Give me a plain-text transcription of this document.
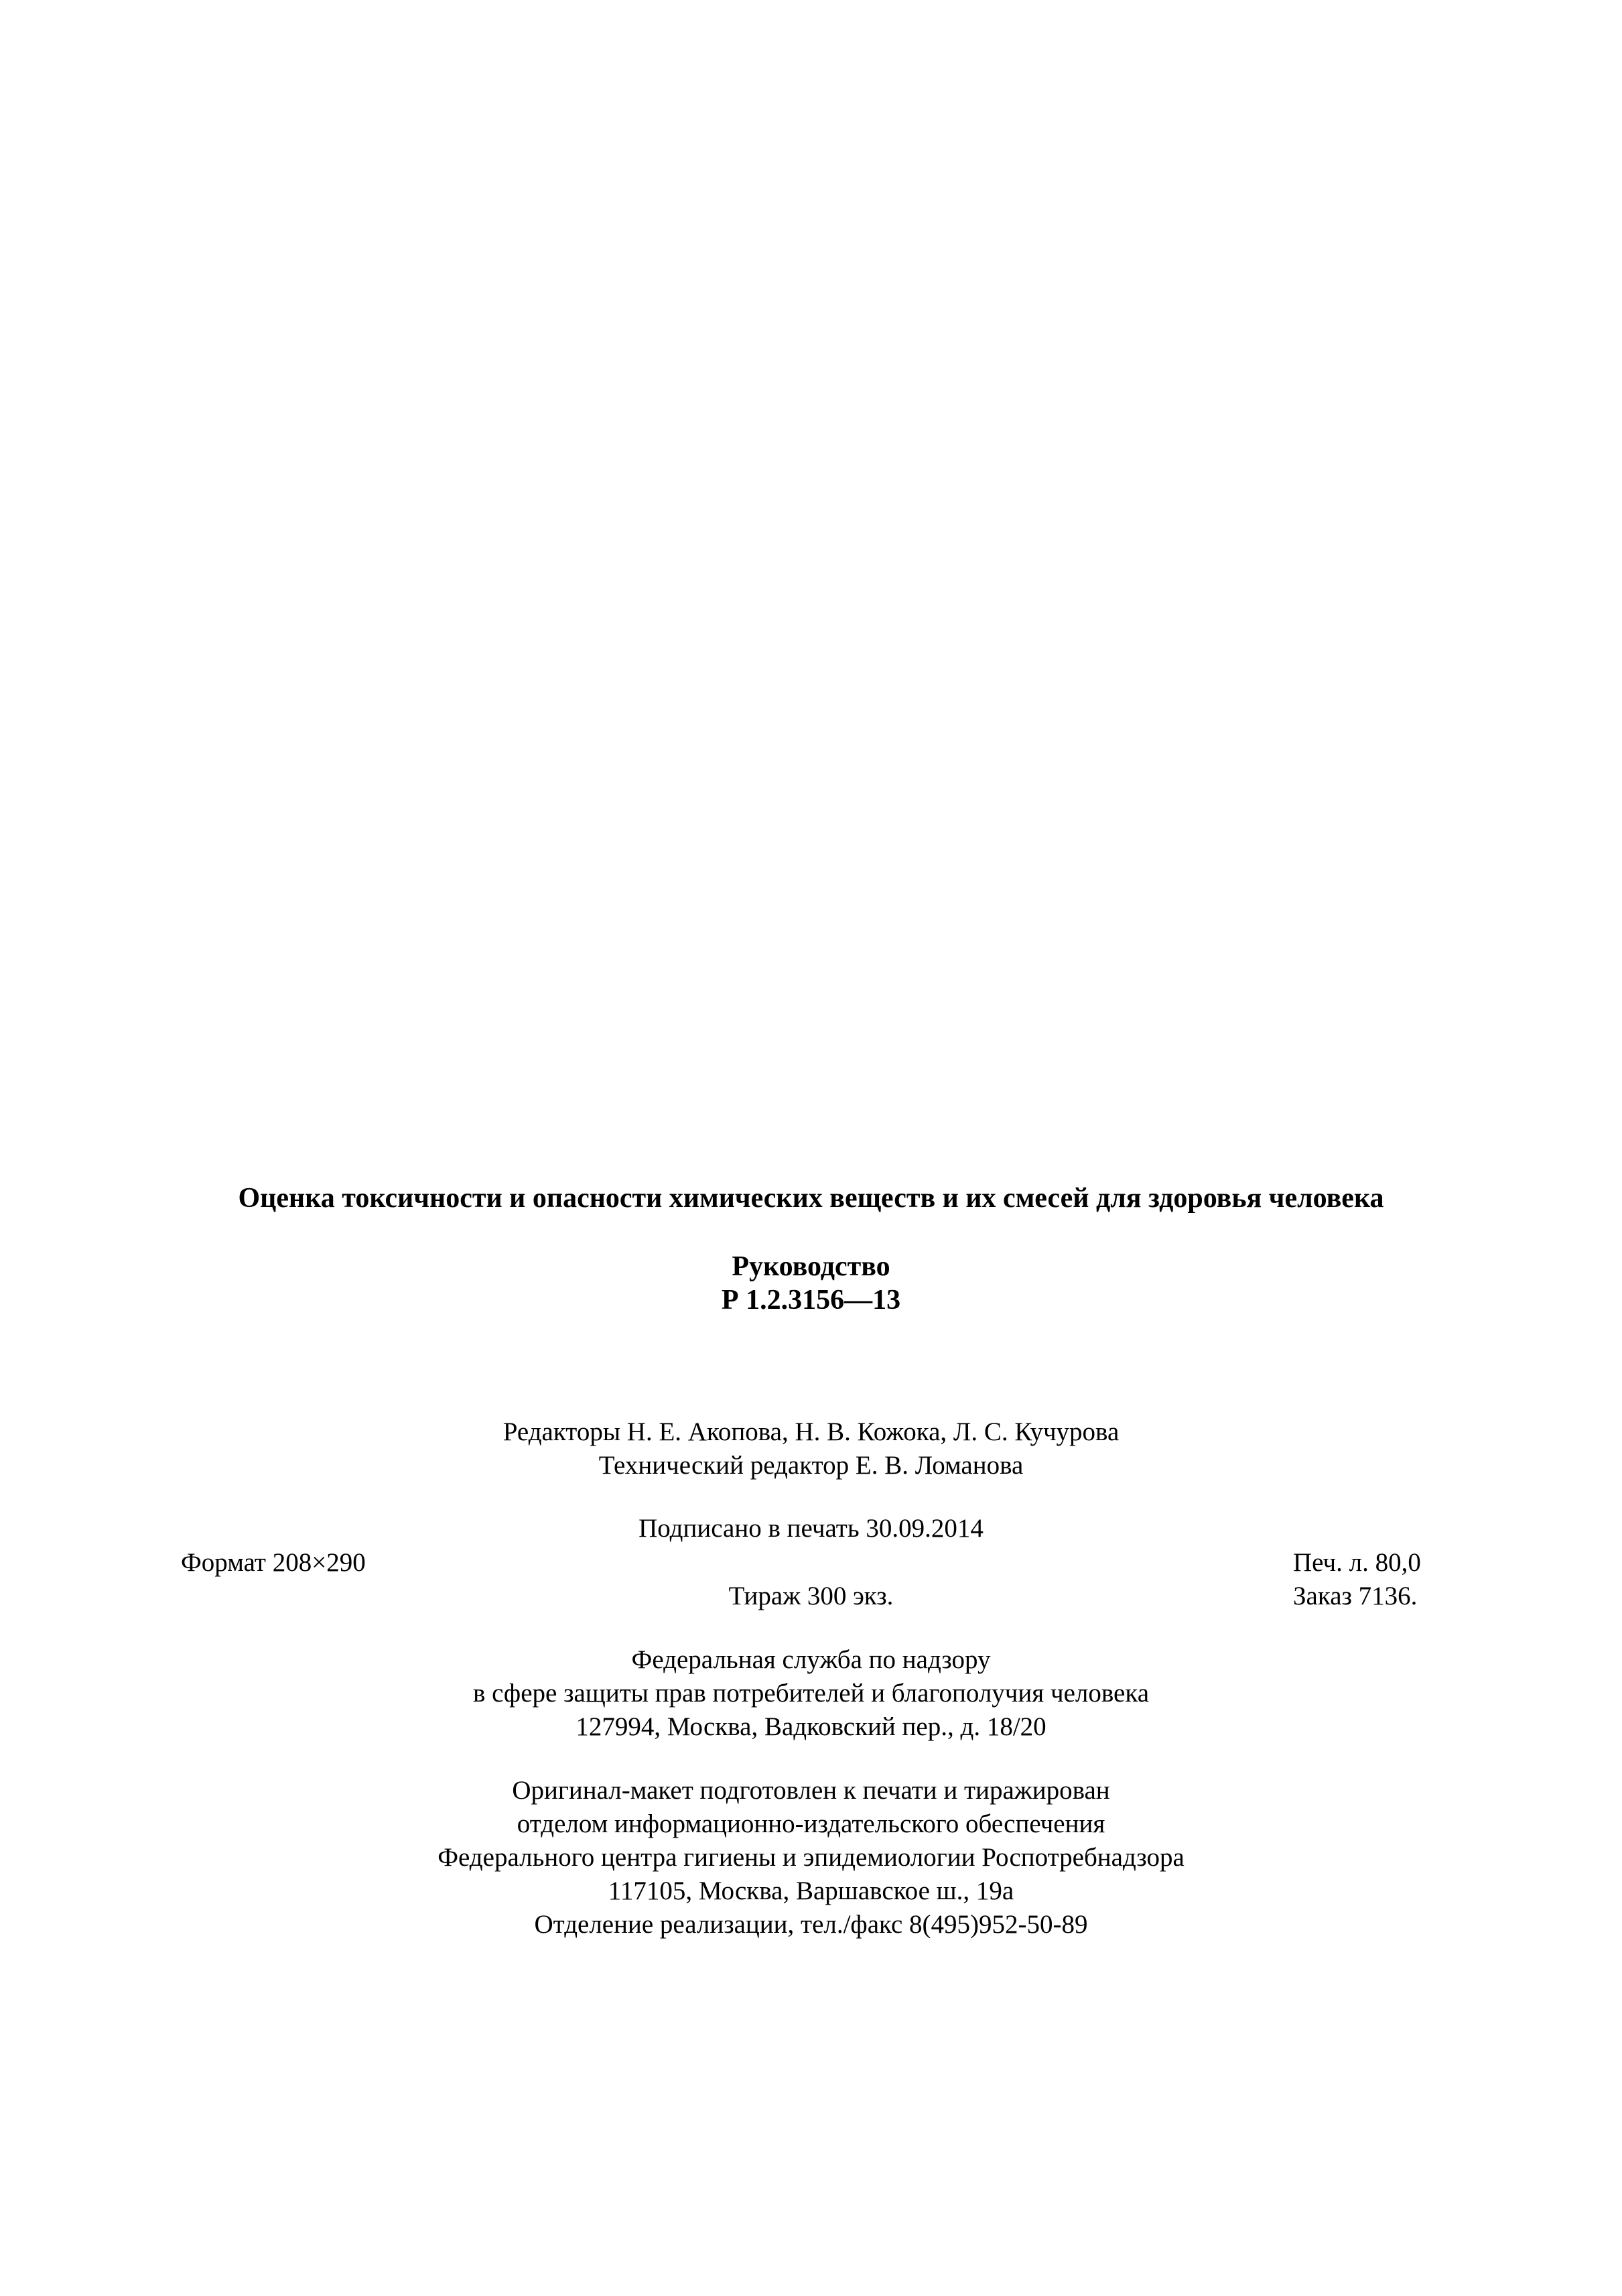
Оценка токсичности и опасности химических веществ и их смесей для здоровья человека
Руководство
Р 1.2.3156—13
Редакторы Н. Е. Акопова, Н. В. Кожока, Л. С. Кучурова
Технический редактор Е. В. Ломанова
Подписано в печать 30.09.2014
Формат 208×290	Печ. л. 80,0
Тираж 300 экз.	Заказ 7136.
Федеральная служба по надзору
в сфере защиты прав потребителей и благополучия человека
127994, Москва, Вадковский пер., д. 18/20
Оригинал-макет подготовлен к печати и тиражирован
отделом информационно-издательского обеспечения
Федерального центра гигиены и эпидемиологии Роспотребнадзора
117105, Москва, Варшавское ш., 19а
Отделение реализации, тел./факс 8(495)952-50-89
